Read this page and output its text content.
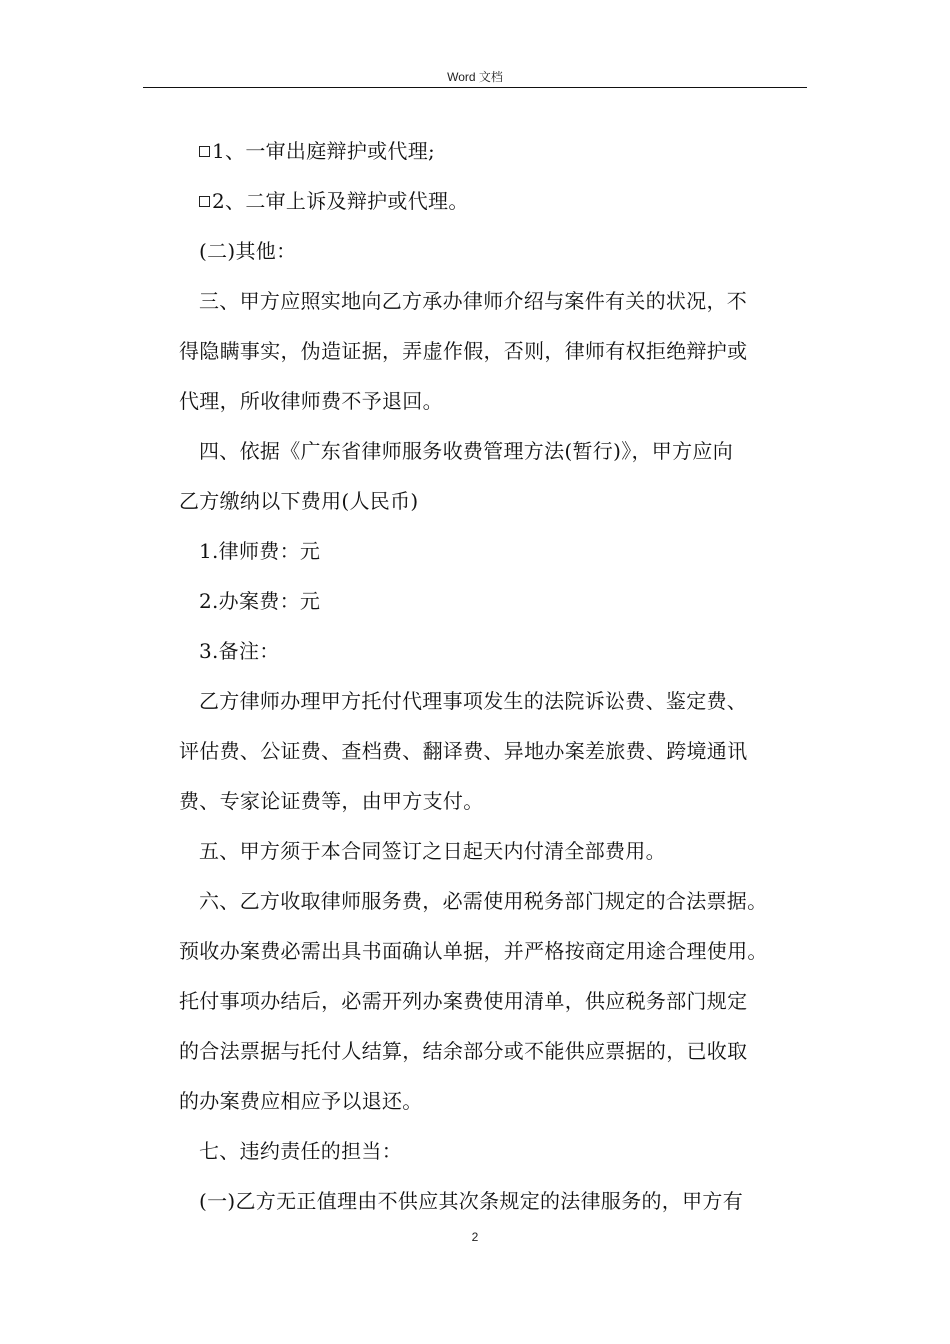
Word 文档
1、一审出庭辩护或代理;
2、二审上诉及辩护或代理。
(二)其他：
三、甲方应照实地向乙方承办律师介绍与案件有关的状况，不
得隐瞒事实，伪造证据，弄虚作假，否则，律师有权拒绝辩护或
代理，所收律师费不予退回。
四、依据《广东省律师服务收费管理方法(暂行)》，甲方应向
乙方缴纳以下费用(人民币)
1.律师费：元
2.办案费：元
3.备注：
乙方律师办理甲方托付代理事项发生的法院诉讼费、鉴定费、
评估费、公证费、查档费、翻译费、异地办案差旅费、跨境通讯
费、专家论证费等，由甲方支付。
五、甲方须于本合同签订之日起天内付清全部费用。
六、乙方收取律师服务费，必需使用税务部门规定的合法票据。
预收办案费必需出具书面确认单据，并严格按商定用途合理使用。
托付事项办结后，必需开列办案费使用清单，供应税务部门规定
的合法票据与托付人结算，结余部分或不能供应票据的，已收取
的办案费应相应予以退还。
七、违约责任的担当：
(一)乙方无正值理由不供应其次条规定的法律服务的，甲方有
2
